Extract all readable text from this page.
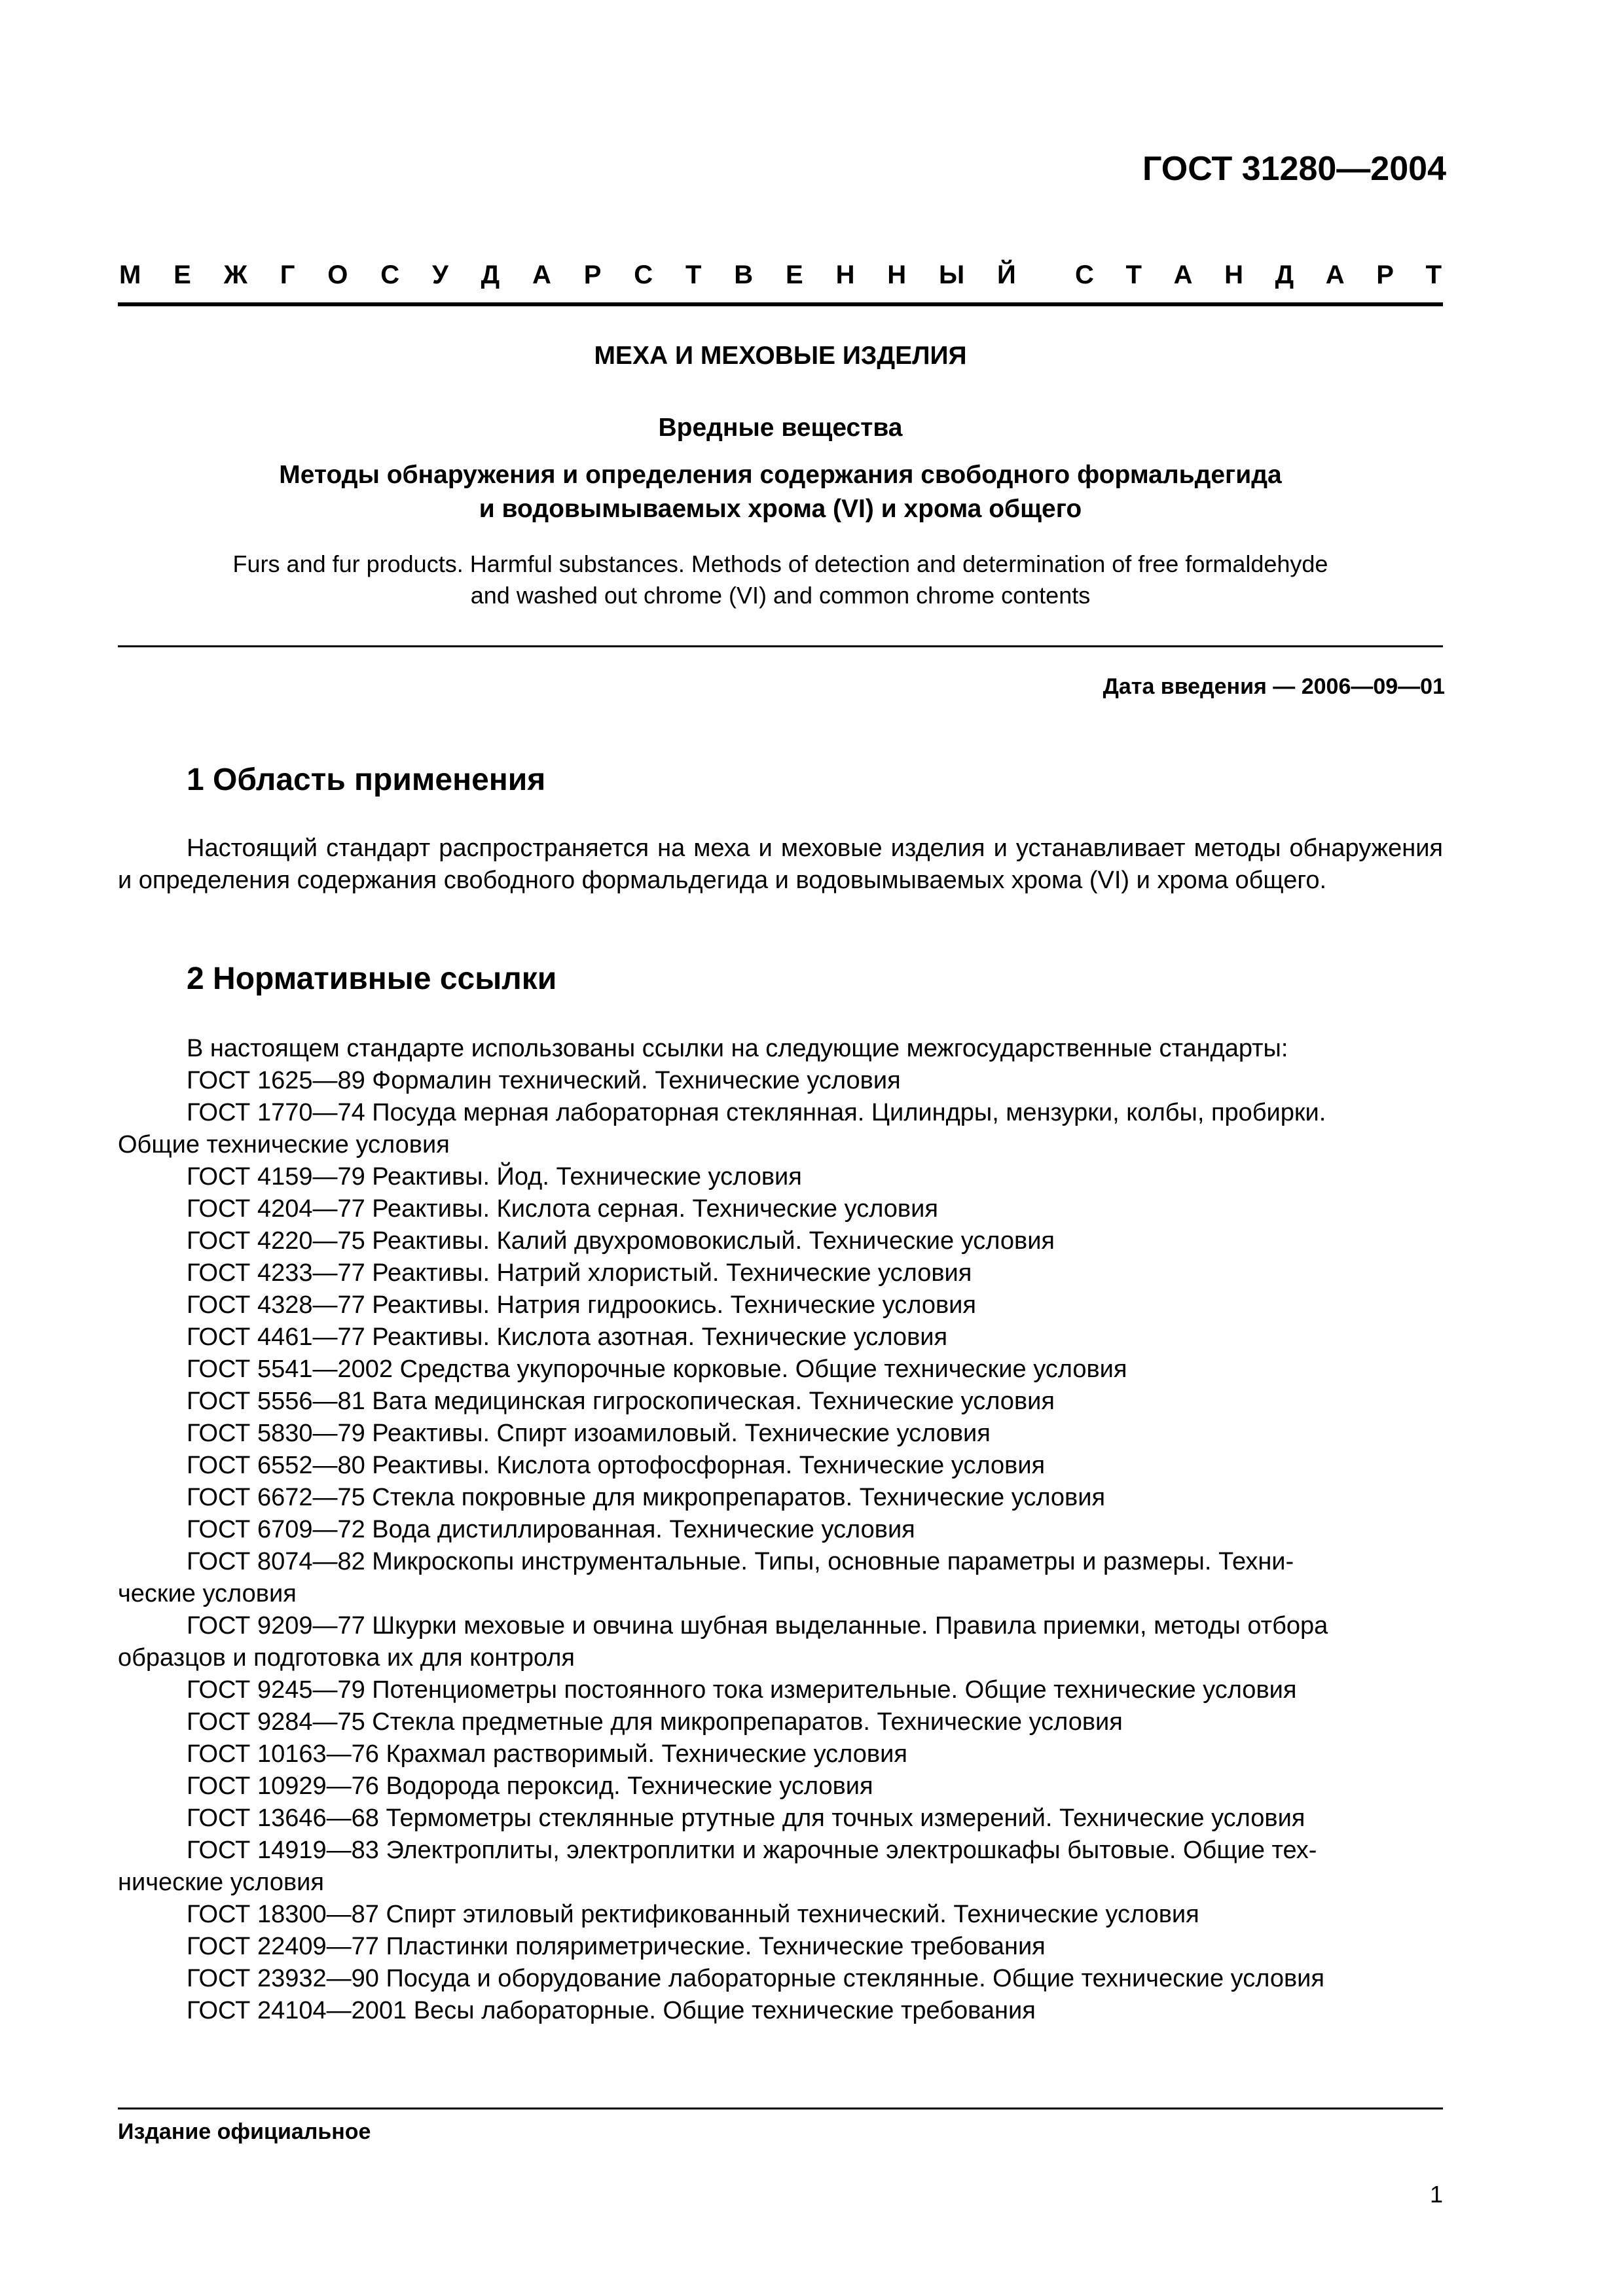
ГОСТ 31280—2004
М Е Ж Г О С У Д А Р С Т В Е Н Н Ы Й С Т А Н Д А Р Т
МЕХА И МЕХОВЫЕ ИЗДЕЛИЯ
Вредные вещества
Методы обнаружения и определения содержания свободного формальдегида
и водовымываемых хрома (VI) и хрома общего
Furs and fur products. Harmful substances. Methods of detection and determination of free formaldehyde
and washed out chrome (VI) and common chrome contents
Дата введения — 2006—09—01
1 Область применения
Настоящий стандарт распространяется на меха и меховые изделия и устанавливает методы обнаружения и определения содержания свободного формальдегида и водовымываемых хрома (VI) и хрома общего.
2 Нормативные ссылки
В настоящем стандарте использованы ссылки на следующие межгосударственные стандарты:
ГОСТ 1625—89 Формалин технический. Технические условия
ГОСТ 1770—74 Посуда мерная лабораторная стеклянная. Цилиндры, мензурки, колбы, пробирки.
Общие технические условия
ГОСТ 4159—79 Реактивы. Йод. Технические условия
ГОСТ 4204—77 Реактивы. Кислота серная. Технические условия
ГОСТ 4220—75 Реактивы. Калий двухромовокислый. Технические условия
ГОСТ 4233—77 Реактивы. Натрий хлористый. Технические условия
ГОСТ 4328—77 Реактивы. Натрия гидроокись. Технические условия
ГОСТ 4461—77 Реактивы. Кислота азотная. Технические условия
ГОСТ 5541—2002 Средства укупорочные корковые. Общие технические условия
ГОСТ 5556—81 Вата медицинская гигроскопическая. Технические условия
ГОСТ 5830—79 Реактивы. Спирт изоамиловый. Технические условия
ГОСТ 6552—80 Реактивы. Кислота ортофосфорная. Технические условия
ГОСТ 6672—75 Стекла покровные для микропрепаратов. Технические условия
ГОСТ 6709—72 Вода дистиллированная. Технические условия
ГОСТ 8074—82 Микроскопы инструментальные. Типы, основные параметры и размеры. Техни-
ческие условия
ГОСТ 9209—77 Шкурки меховые и овчина шубная выделанные. Правила приемки, методы отбора
образцов и подготовка их для контроля
ГОСТ 9245—79 Потенциометры постоянного тока измерительные. Общие технические условия
ГОСТ 9284—75 Стекла предметные для микропрепаратов. Технические условия
ГОСТ 10163—76 Крахмал растворимый. Технические условия
ГОСТ 10929—76 Водорода пероксид. Технические условия
ГОСТ 13646—68 Термометры стеклянные ртутные для точных измерений. Технические условия
ГОСТ 14919—83 Электроплиты, электроплитки и жарочные электрошкафы бытовые. Общие тех-
нические условия
ГОСТ 18300—87 Спирт этиловый ректификованный технический. Технические условия
ГОСТ 22409—77 Пластинки поляриметрические. Технические требования
ГОСТ 23932—90 Посуда и оборудование лабораторные стеклянные. Общие технические условия
ГОСТ 24104—2001 Весы лабораторные. Общие технические требования
Издание официальное
1
